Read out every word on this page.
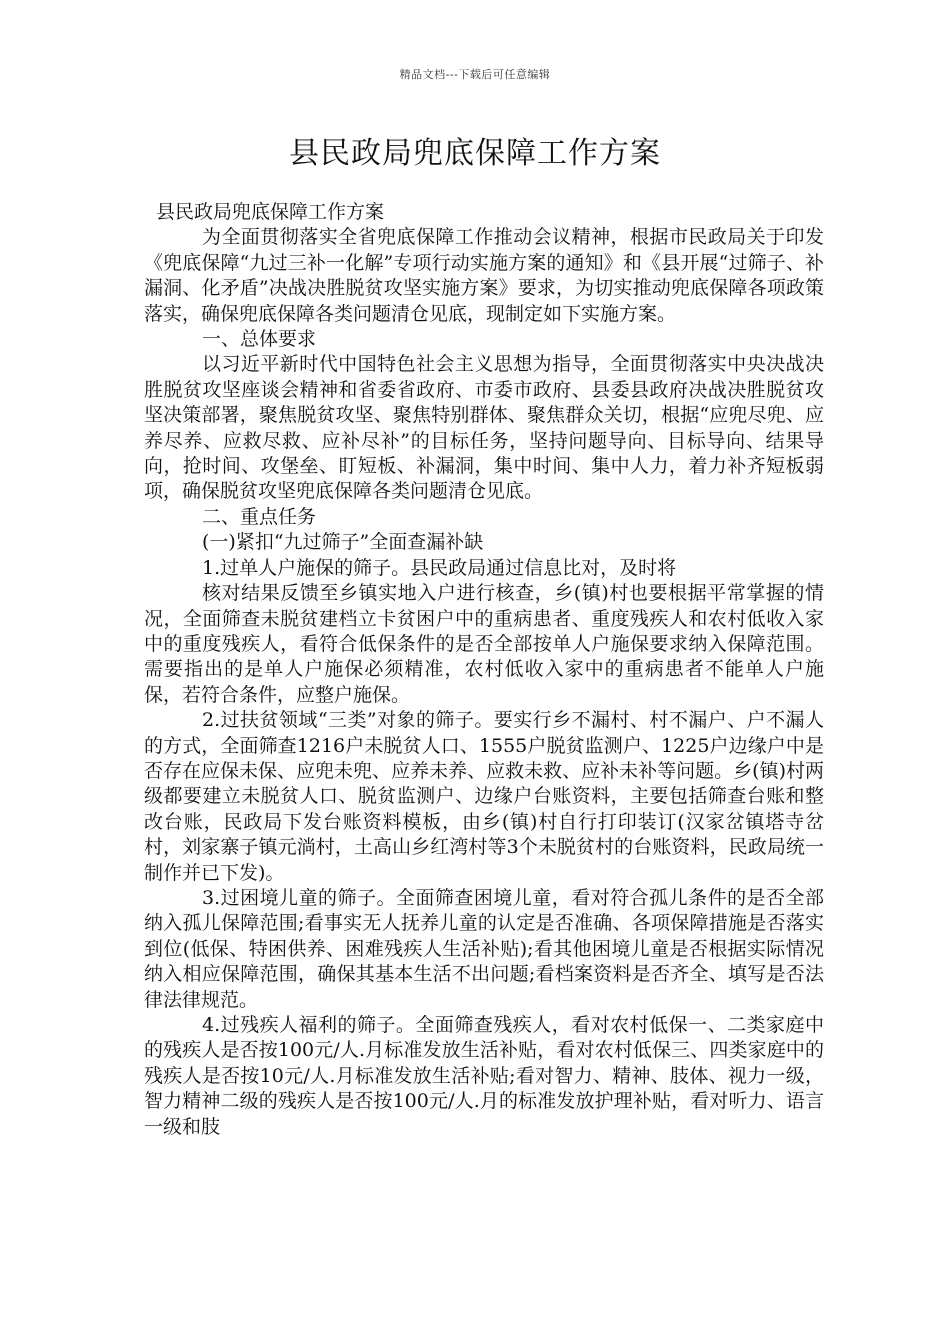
精品文档---下载后可任意编辑
县民政局兜底保障工作方案

县民政局兜底保障工作方案

为全面贯彻落实全省兜底保障工作推动会议精神，根据市民政局关于印发《兜底保障“九过三补一化解”专项行动实施方案的通知》和《县开展“过筛子、补漏洞、化矛盾”决战决胜脱贫攻坚实施方案》要求，为切实推动兜底保障各项政策落实，确保兜底保障各类问题清仓见底，现制定如下实施方案。

一、总体要求

以习近平新时代中国特色社会主义思想为指导，全面贯彻落实中央决战决胜脱贫攻坚座谈会精神和省委省政府、市委市政府、县委县政府决战决胜脱贫攻坚决策部署，聚焦脱贫攻坚、聚焦特别群体、聚焦群众关切，根据“应兜尽兜、应养尽养、应救尽救、应补尽补”的目标任务，坚持问题导向、目标导向、结果导向，抢时间、攻堡垒、盯短板、补漏洞，集中时间、集中人力，着力补齐短板弱项，确保脱贫攻坚兜底保障各类问题清仓见底。

二、重点任务

(一)紧扣“九过筛子”全面查漏补缺

1.过单人户施保的筛子。县民政局通过信息比对，及时将

核对结果反馈至乡镇实地入户进行核查，乡(镇)村也要根据平常掌握的情况，全面筛查未脱贫建档立卡贫困户中的重病患者、重度残疾人和农村低收入家中的重度残疾人，看符合低保条件的是否全部按单人户施保要求纳入保障范围。需要指出的是单人户施保必须精准，农村低收入家中的重病患者不能单人户施保，若符合条件，应整户施保。

2.过扶贫领域“三类”对象的筛子。要实行乡不漏村、村不漏户、户不漏人的方式，全面筛查1216户未脱贫人口、1555户脱贫监测户、1225户边缘户中是否存在应保未保、应兜未兜、应养未养、应救未救、应补未补等问题。乡(镇)村两级都要建立未脱贫人口、脱贫监测户、边缘户台账资料，主要包括筛查台账和整改台账，民政局下发台账资料模板，由乡(镇)村自行打印装订(汉家岔镇塔寺岔村，刘家寨子镇元淌村，土高山乡红湾村等3个未脱贫村的台账资料，民政局统一制作并已下发)。

3.过困境儿童的筛子。全面筛查困境儿童，看对符合孤儿条件的是否全部纳入孤儿保障范围;看事实无人抚养儿童的认定是否准确、各项保障措施是否落实到位(低保、特困供养、困难残疾人生活补贴);看其他困境儿童是否根据实际情况纳入相应保障范围，确保其基本生活不出问题;看档案资料是否齐全、填写是否法律法律规范。

4.过残疾人福利的筛子。全面筛查残疾人，看对农村低保一、二类家庭中的残疾人是否按100元/人.月标准发放生活补贴，看对农村低保三、四类家庭中的残疾人是否按10元/人.月标准发放生活补贴;看对智力、精神、肢体、视力一级，智力精神二级的残疾人是否按100元/人.月的标准发放护理补贴，看对听力、语言一级和肢
